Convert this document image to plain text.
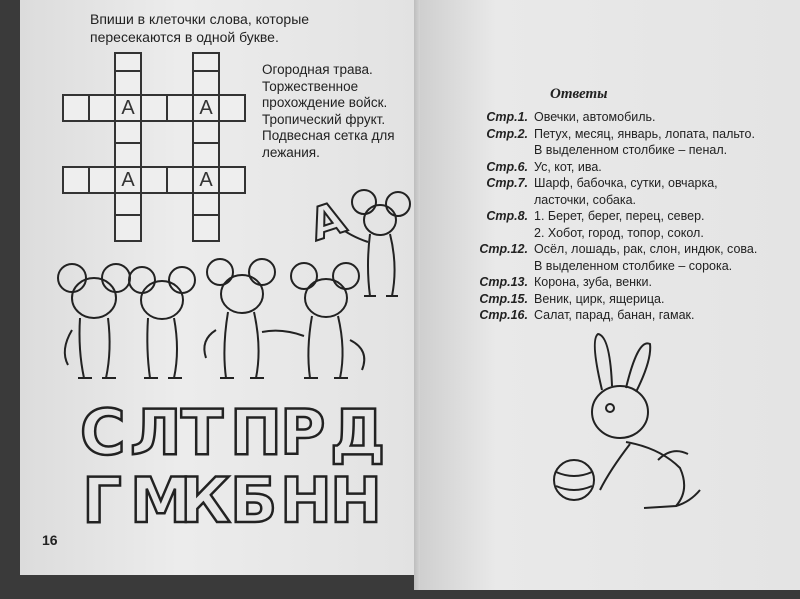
Впиши в клеточки слова, которые пересекаются в одной букве.
А	А
А	А
Огородная трава.
Торжественное прохождение войск.
Тропический фрукт.
Подвесная сетка для лежания.
А
С Л Т П
Р Д
Г М
К Б Н
Н
16
Ответы
Стр.1. Овечки, автомобиль.
Стр.2. Петух, месяц, январь, лопата, пальто.
В выделенном столбике – пенал.
Стр.6. Ус, кот, ива.
Стр.7. Шарф, бабочка, сутки, овчарка,
ласточки, собака.
Стр.8. 1. Берет, берег, перец, север.
2. Хобот, город, топор, сокол.
Стр.12. Осёл, лошадь, рак, слон, индюк, сова.
В выделенном столбике – сорока.
Стр.13. Корона, зуба, венки.
Стр.15. Веник, цирк, ящерица.
Стр.16. Салат, парад, банан, гамак.
